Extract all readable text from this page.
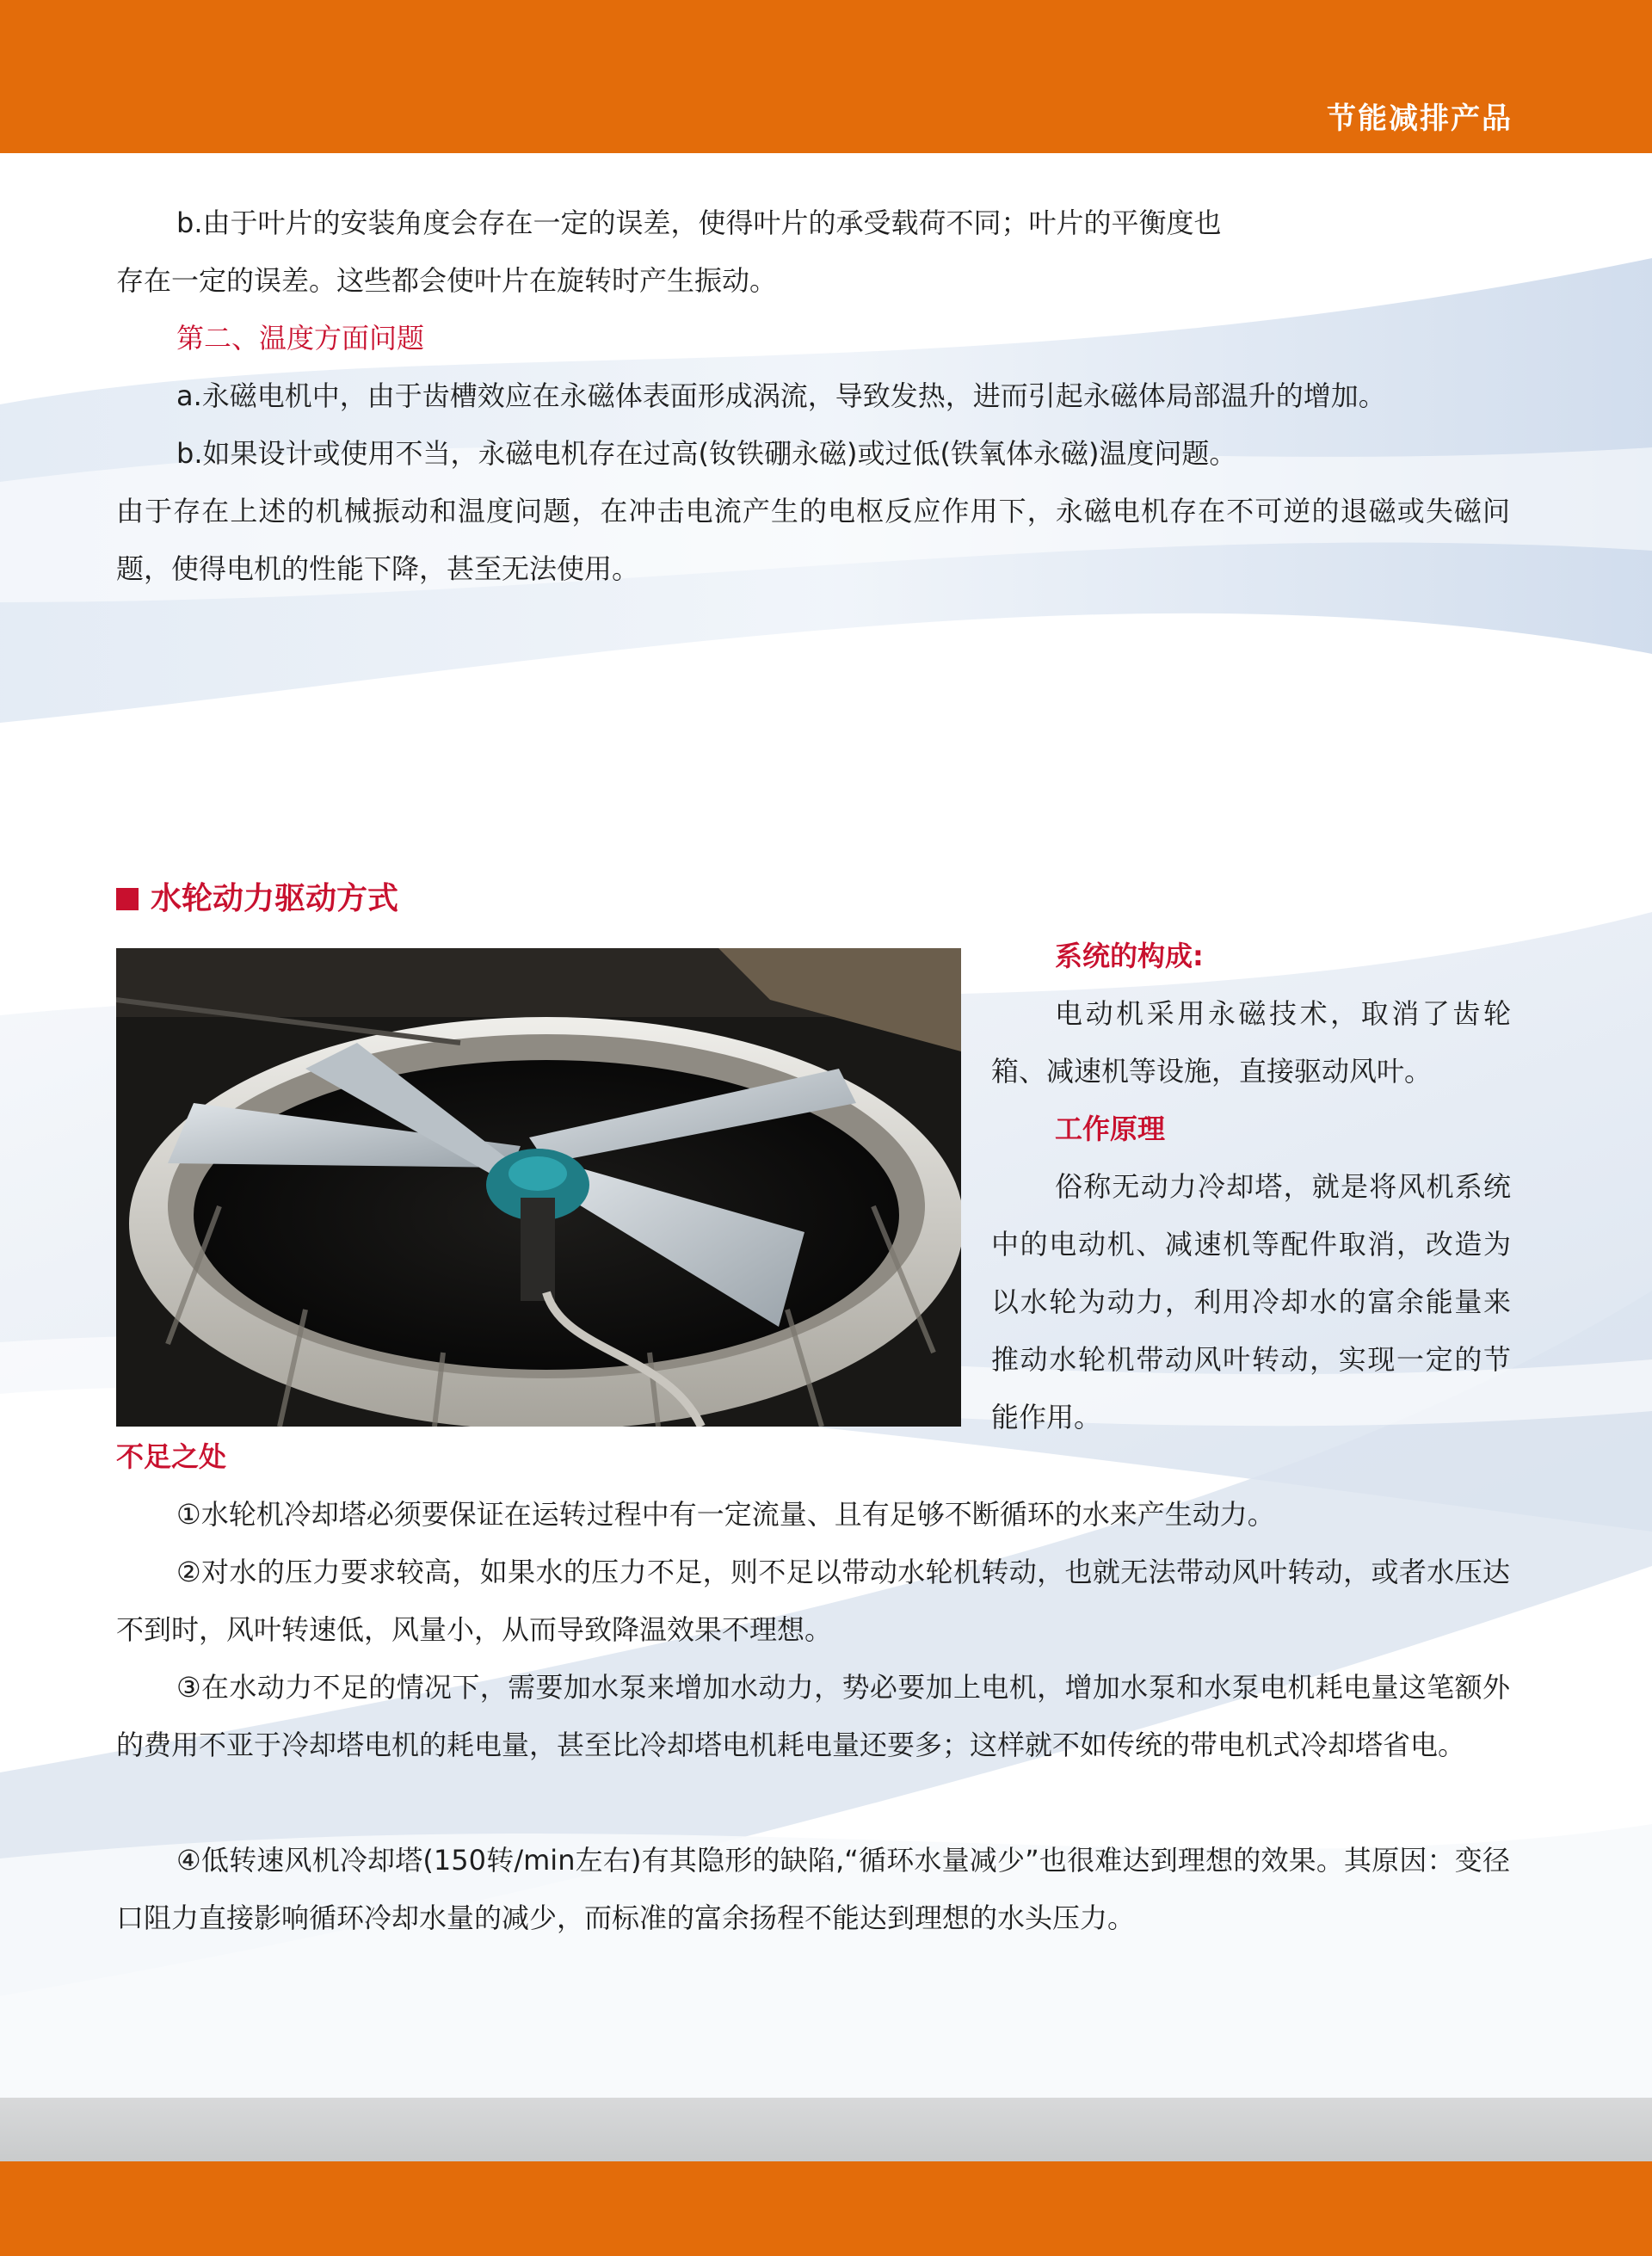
节能减排产品

b.由于叶片的安装角度会存在一定的误差，使得叶片的承受载荷不同；叶片的平衡度也

存在一定的误差。这些都会使叶片在旋转时产生振动。

第二、温度方面问题

a.永磁电机中，由于齿槽效应在永磁体表面形成涡流，导致发热，进而引起永磁体局部温升的增加。

b.如果设计或使用不当，永磁电机存在过高(钕铁硼永磁)或过低(铁氧体永磁)温度问题。

由于存在上述的机械振动和温度问题，在冲击电流产生的电枢反应作用下，永磁电机存在不可逆的退磁或失磁问题，使得电机的性能下降，甚至无法使用。

水轮动力驱动方式

系统的构成:

电动机采用永磁技术，取消了齿轮箱、减速机等设施，直接驱动风叶。

工作原理

俗称无动力冷却塔，就是将风机系统中的电动机、减速机等配件取消，改造为以水轮为动力，利用冷却水的富余能量来推动水轮机带动风叶转动，实现一定的节能作用。

不足之处

①水轮机冷却塔必须要保证在运转过程中有一定流量、且有足够不断循环的水来产生动力。

②对水的压力要求较高，如果水的压力不足，则不足以带动水轮机转动，也就无法带动风叶转动，或者水压达不到时，风叶转速低，风量小，从而导致降温效果不理想。

③在水动力不足的情况下，需要加水泵来增加水动力，势必要加上电机，增加水泵和水泵电机耗电量这笔额外的费用不亚于冷却塔电机的耗电量，甚至比冷却塔电机耗电量还要多；这样就不如传统的带电机式冷却塔省电。

④低转速风机冷却塔(150转/min左右)有其隐形的缺陷,“循环水量减少”也很难达到理想的效果。其原因：变径口阻力直接影响循环冷却水量的减少，而标准的富余扬程不能达到理想的水头压力。
